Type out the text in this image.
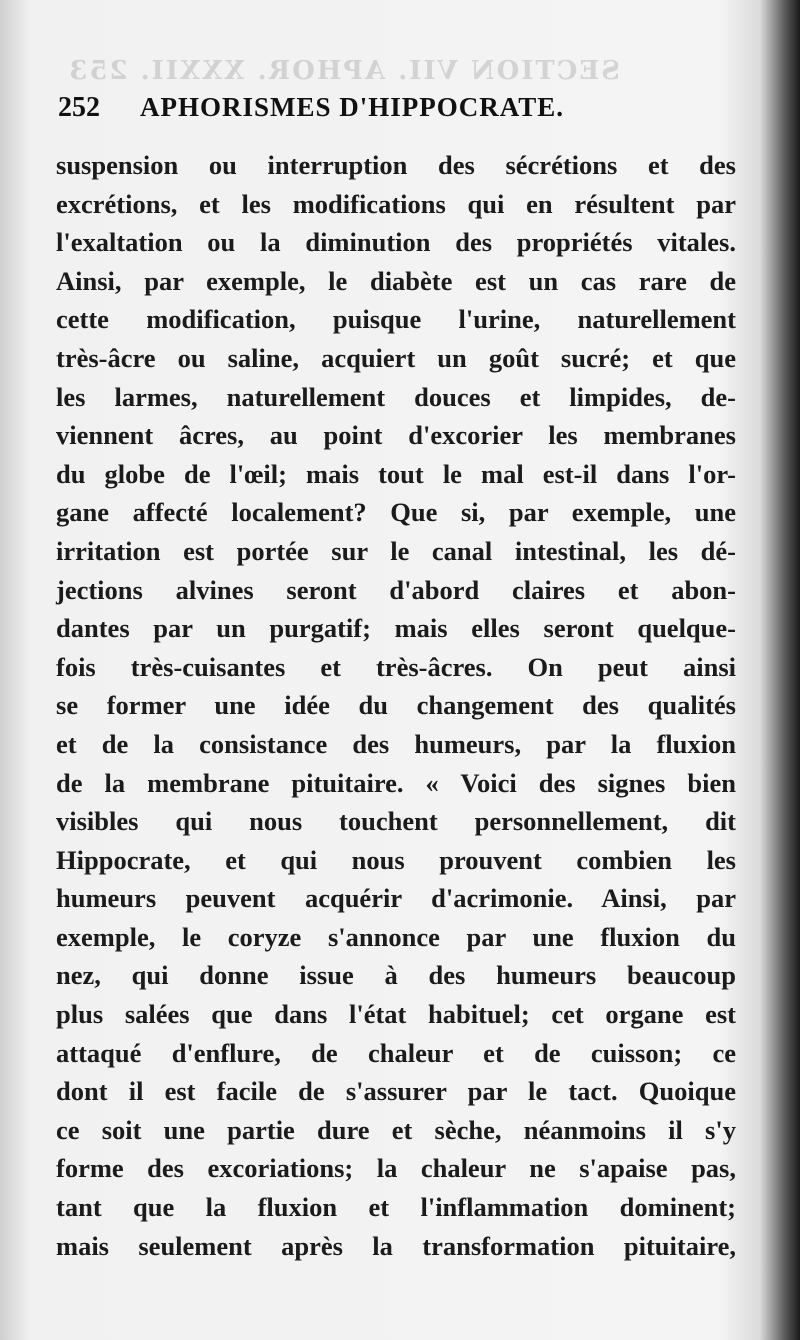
SECTION VII. APHOR. XXXII. 253
252 APHORISMES D'HIPPOCRATE.
suspension ou interruption des sécrétions et des
excrétions, et les modifications qui en résultent par
l'exaltation ou la diminution des propriétés vitales.
Ainsi, par exemple, le diabète est un cas rare de
cette modification, puisque l'urine, naturellement
très-âcre ou saline, acquiert un goût sucré; et que
les larmes, naturellement douces et limpides, de-
viennent âcres, au point d'excorier les membranes
du globe de l'œil; mais tout le mal est-il dans l'or-
gane affecté localement? Que si, par exemple, une
irritation est portée sur le canal intestinal, les dé-
jections alvines seront d'abord claires et abon-
dantes par un purgatif; mais elles seront quelque-
fois très-cuisantes et très-âcres. On peut ainsi
se former une idée du changement des qualités
et de la consistance des humeurs, par la fluxion
de la membrane pituitaire. « Voici des signes bien
visibles qui nous touchent personnellement, dit
Hippocrate, et qui nous prouvent combien les
humeurs peuvent acquérir d'acrimonie. Ainsi, par
exemple, le coryze s'annonce par une fluxion du
nez, qui donne issue à des humeurs beaucoup
plus salées que dans l'état habituel; cet organe est
attaqué d'enflure, de chaleur et de cuisson; ce
dont il est facile de s'assurer par le tact. Quoique
ce soit une partie dure et sèche, néanmoins il s'y
forme des excoriations; la chaleur ne s'apaise pas,
tant que la fluxion et l'inflammation dominent;
mais seulement après la transformation pituitaire,
